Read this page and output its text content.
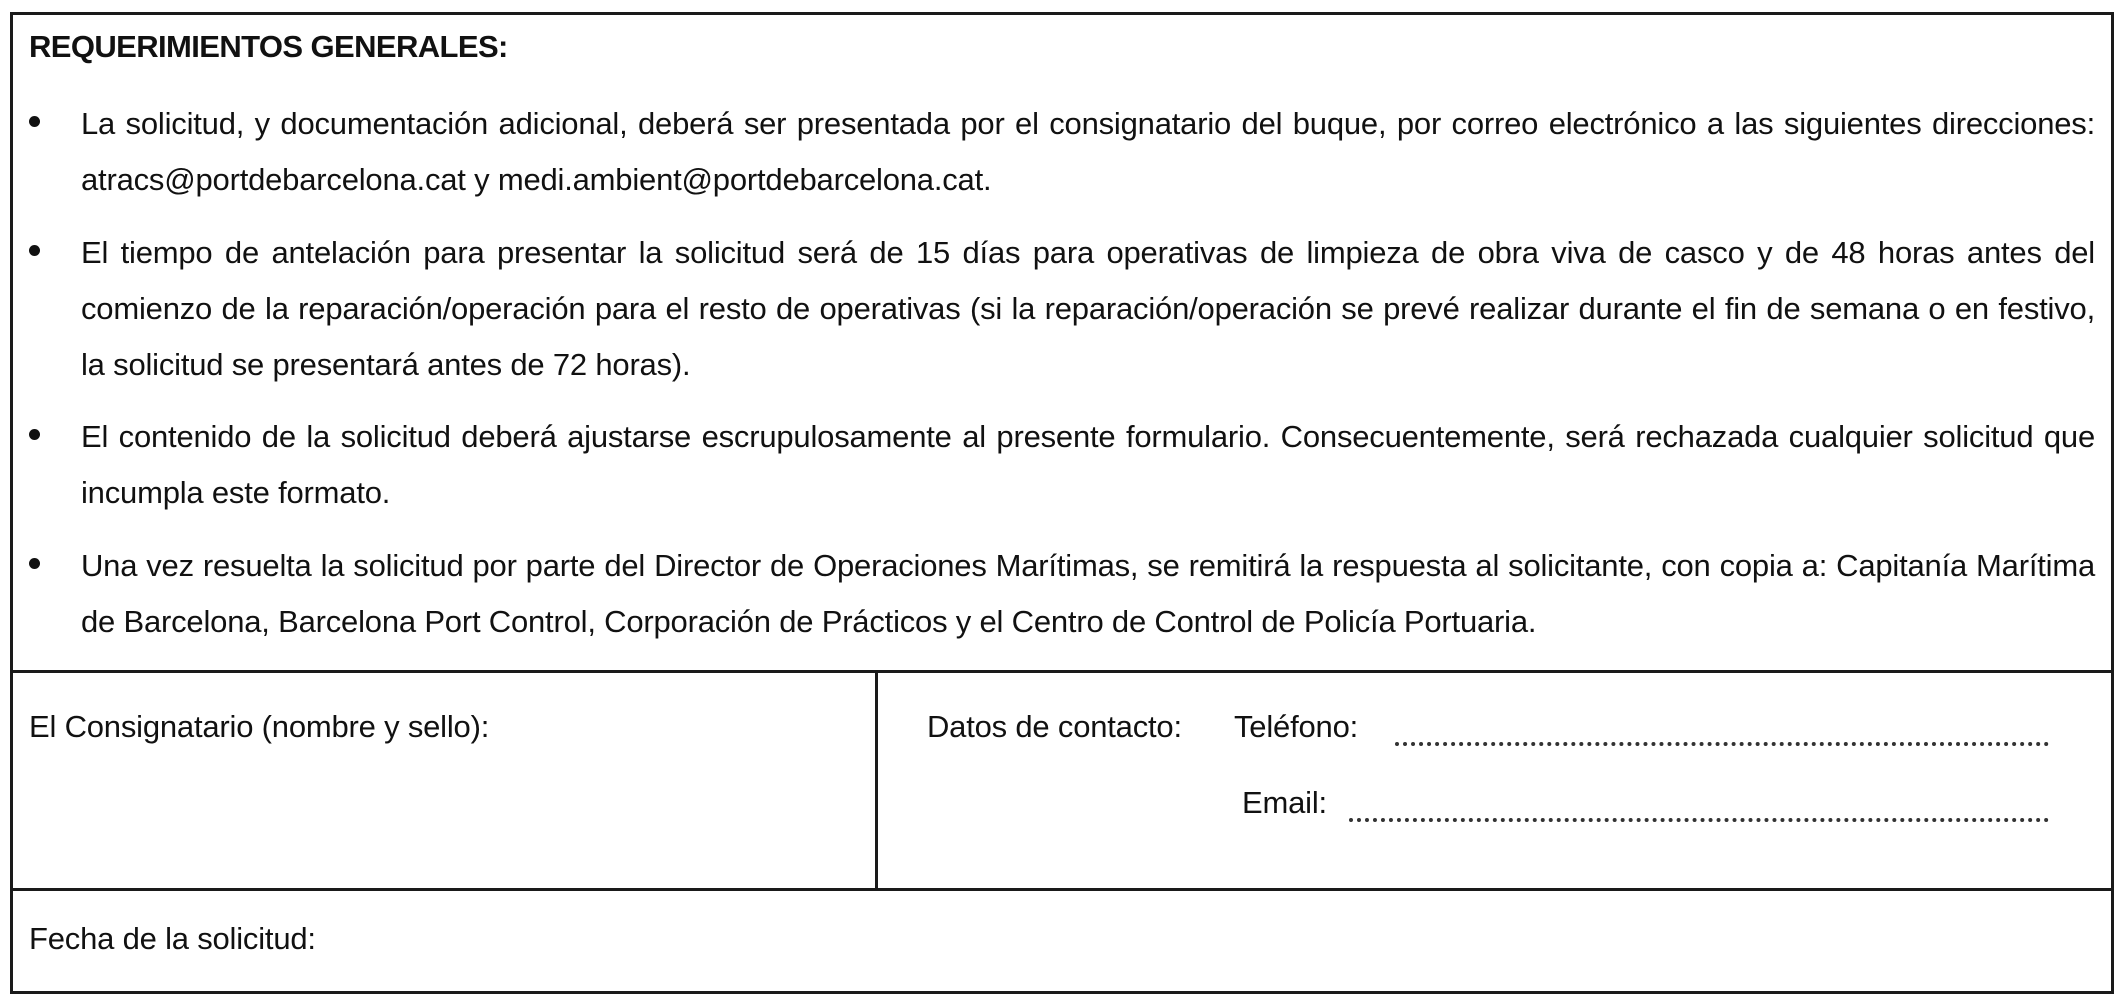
REQUERIMIENTOS GENERALES:
La solicitud, y documentación adicional, deberá ser presentada por el consignatario del buque, por correo electrónico a las siguientes direcciones: atracs@portdebarcelona.cat y medi.ambient@portdebarcelona.cat.
El tiempo de antelación para presentar la solicitud será de 15 días para operativas de limpieza de obra viva de casco y de 48 horas antes del comienzo de la reparación/operación para el resto de operativas (si la reparación/operación se prevé realizar durante el fin de semana o en festivo, la solicitud se presentará antes de 72 horas).
El contenido de la solicitud deberá ajustarse escrupulosamente al presente formulario. Consecuentemente, será rechazada cualquier solicitud que incumpla este formato.
Una vez resuelta la solicitud por parte del Director de Operaciones Marítimas, se remitirá la respuesta al solicitante, con copia a: Capitanía Marítima de Barcelona, Barcelona Port Control, Corporación de Prácticos y el Centro de Control de Policía Portuaria.
El Consignatario (nombre y sello):	Datos de contacto: Teléfono:
Email:
Fecha de la solicitud:
